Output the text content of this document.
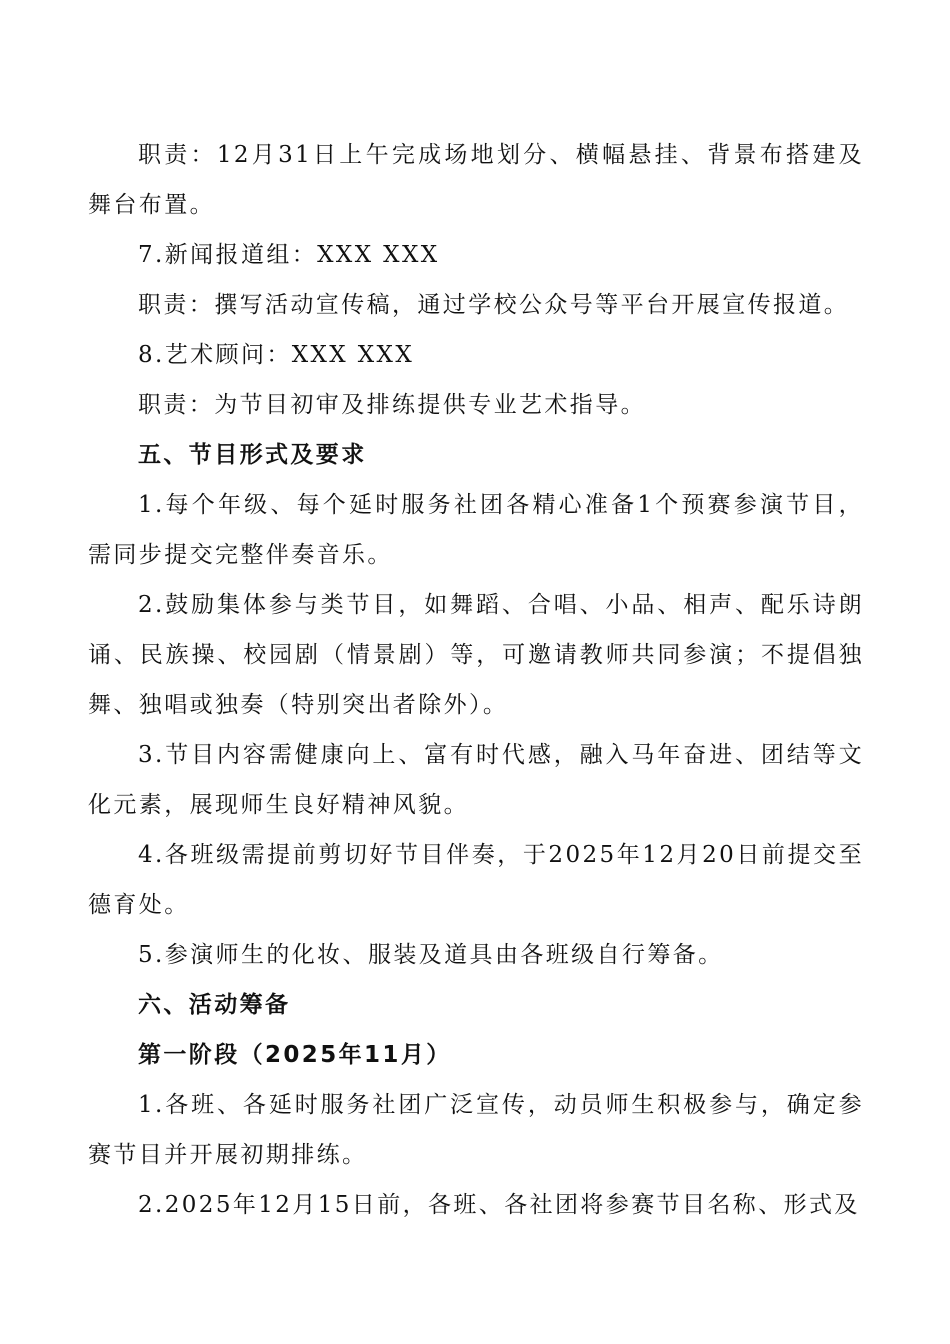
职责：12月31日上午完成场地划分、横幅悬挂、背景布搭建及舞台布置。

7.新闻报道组：XXX XXX

职责：撰写活动宣传稿，通过学校公众号等平台开展宣传报道。

8.艺术顾问：XXX XXX

职责：为节目初审及排练提供专业艺术指导。

五、节目形式及要求

1.每个年级、每个延时服务社团各精心准备1个预赛参演节目，需同步提交完整伴奏音乐。

2.鼓励集体参与类节目，如舞蹈、合唱、小品、相声、配乐诗朗诵、民族操、校园剧（情景剧）等，可邀请教师共同参演；不提倡独舞、独唱或独奏（特别突出者除外）。

3.节目内容需健康向上、富有时代感，融入马年奋进、团结等文化元素，展现师生良好精神风貌。

4.各班级需提前剪切好节目伴奏，于2025年12月20日前提交至德育处。

5.参演师生的化妆、服装及道具由各班级自行筹备。

六、活动筹备

第一阶段（2025年11月）

1.各班、各延时服务社团广泛宣传，动员师生积极参与，确定参赛节目并开展初期排练。

2.2025年12月15日前，各班、各社团将参赛节目名称、形式及
